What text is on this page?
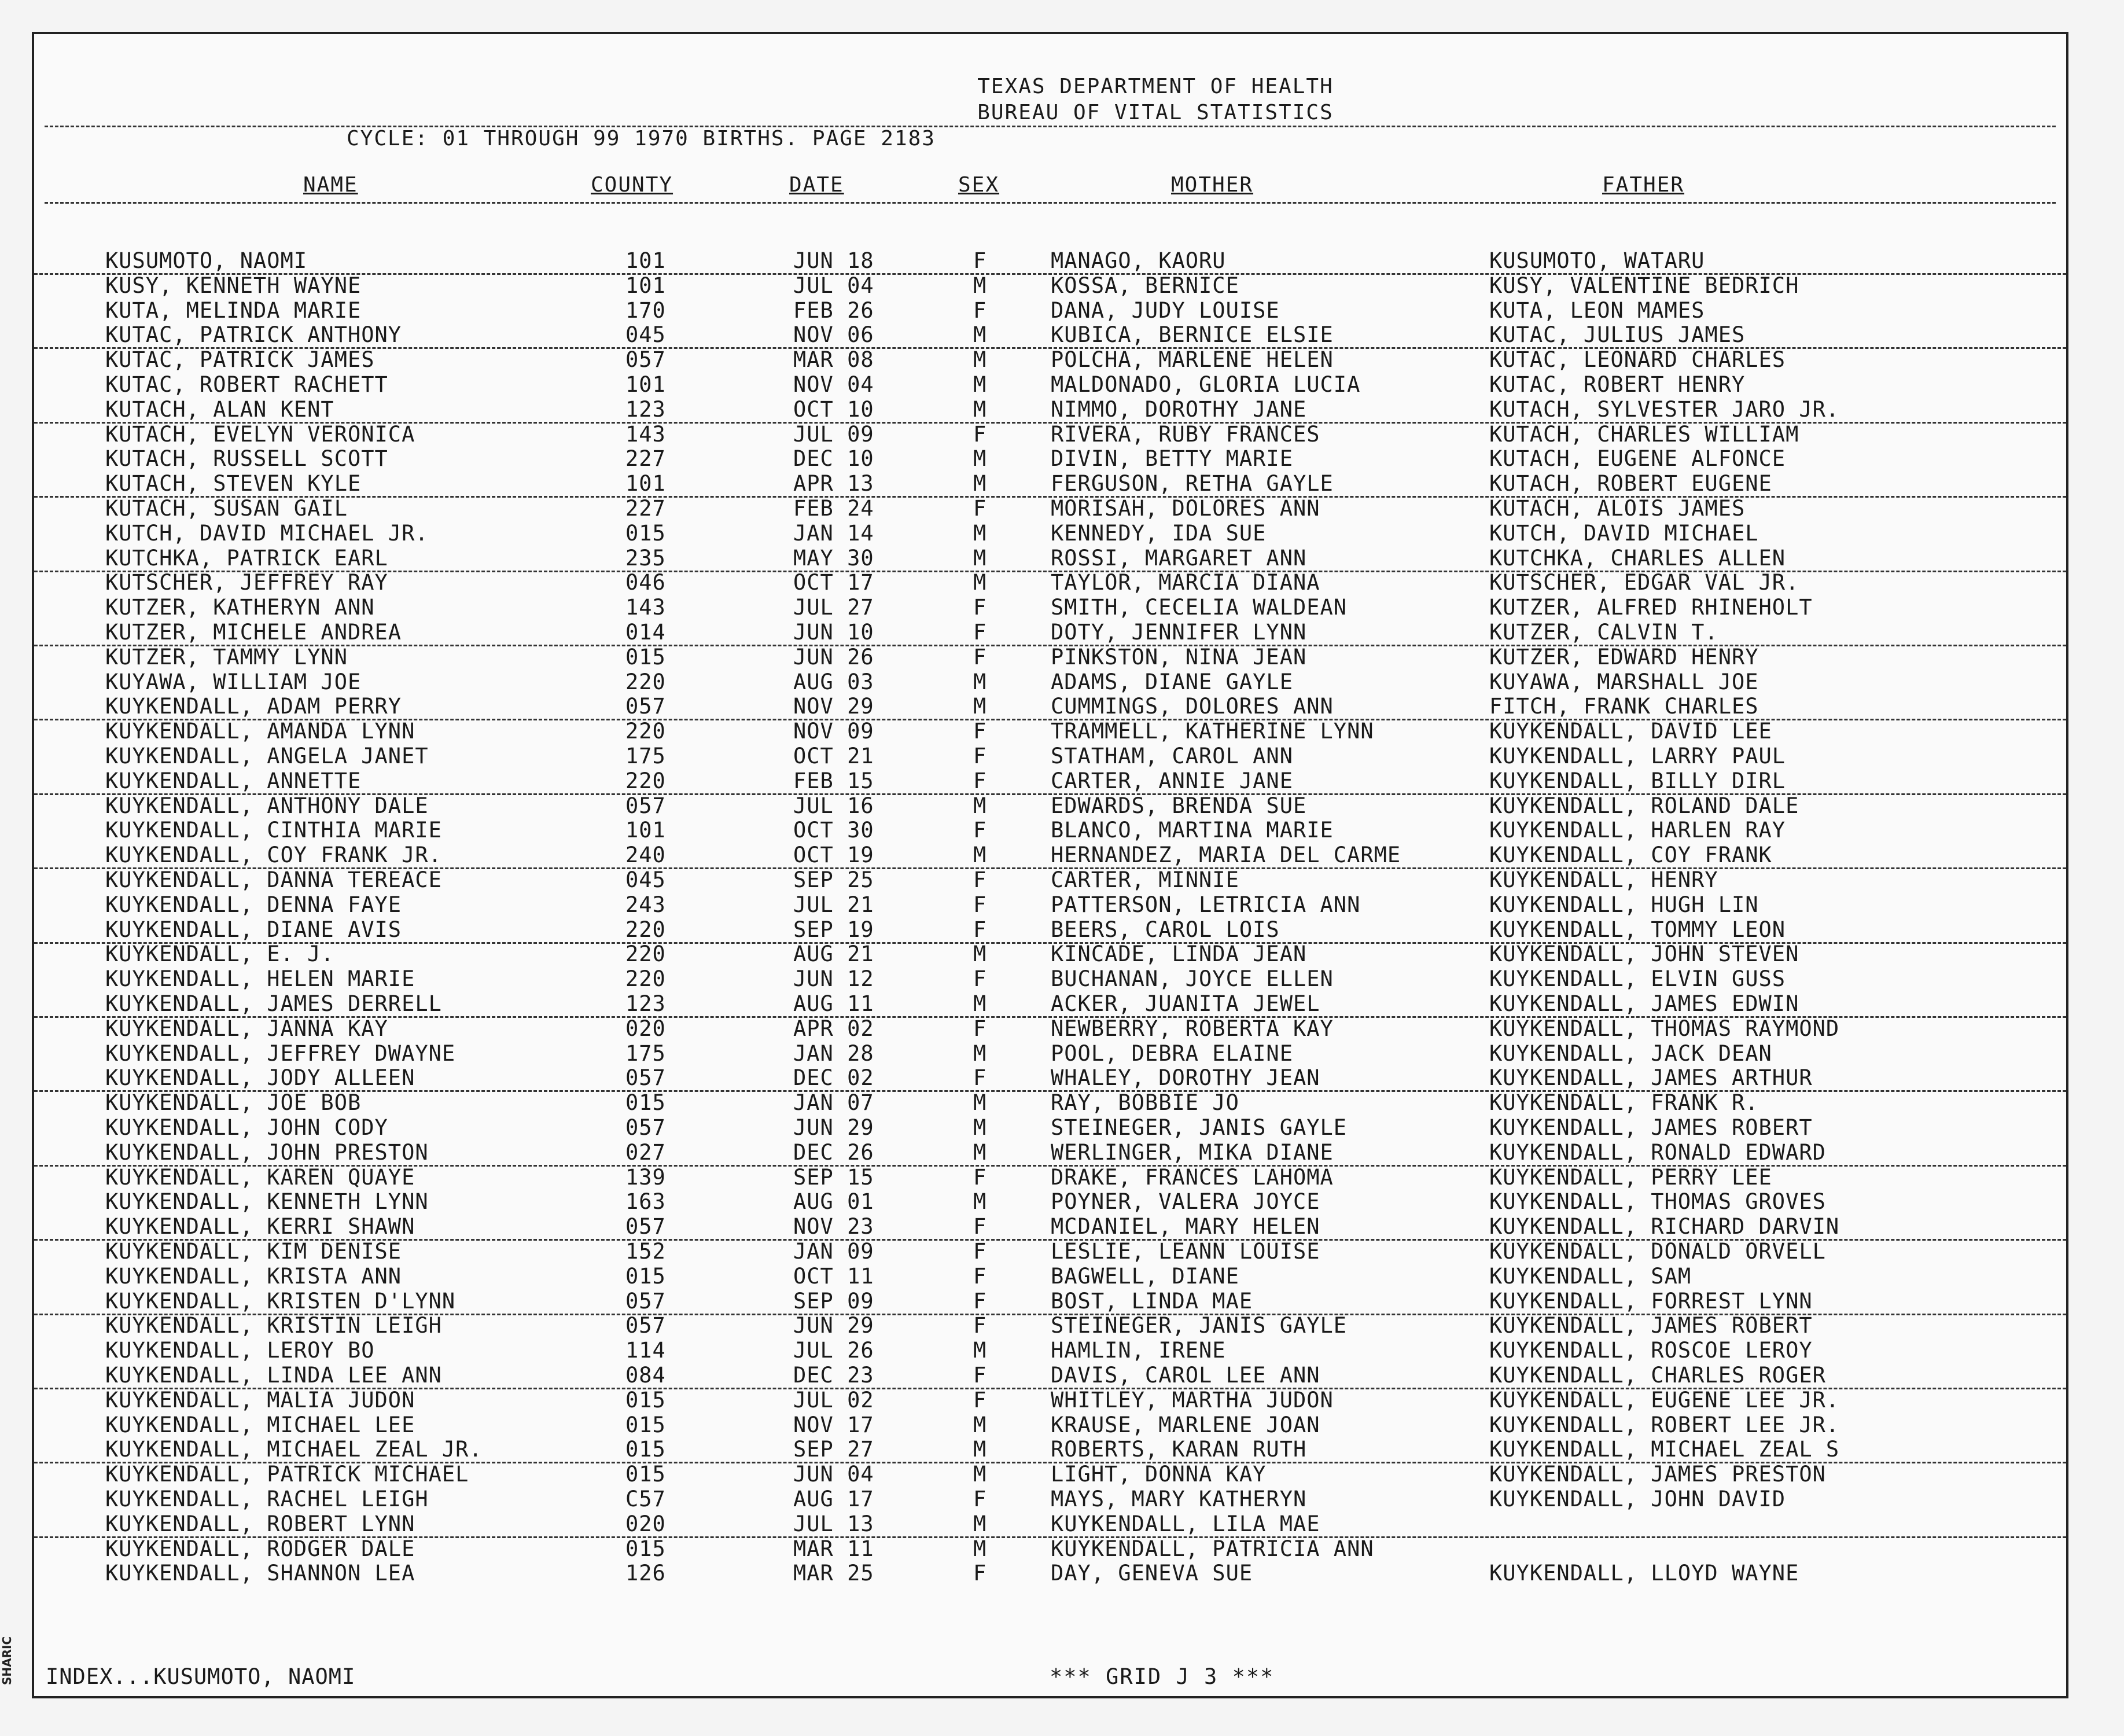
TEXAS DEPARTMENT OF HEALTH
BUREAU OF VITAL STATISTICS
CYCLE: 01 THROUGH 99 1970 BIRTHS. PAGE 2183
NAME	COUNTY	DATE	SEX	MOTHER	FATHER
KUSUMOTO, NAOMI	101	JUN 18	F	MANAGO, KAORU	KUSUMOTO, WATARU
KUSY, KENNETH WAYNE	101	JUL 04	M	KOSSA, BERNICE	KUSY, VALENTINE BEDRICH
KUTA, MELINDA MARIE	170	FEB 26	F	DANA, JUDY LOUISE	KUTA, LEON MAMES
KUTAC, PATRICK ANTHONY	045	NOV 06	M	KUBICA, BERNICE ELSIE	KUTAC, JULIUS JAMES
KUTAC, PATRICK JAMES	057	MAR 08	M	POLCHA, MARLENE HELEN	KUTAC, LEONARD CHARLES
KUTAC, ROBERT RACHETT	101	NOV 04	M	MALDONADO, GLORIA LUCIA	KUTAC, ROBERT HENRY
KUTACH, ALAN KENT	123	OCT 10	M	NIMMO, DOROTHY JANE	KUTACH, SYLVESTER JARO JR.
KUTACH, EVELYN VERONICA	143	JUL 09	F	RIVERA, RUBY FRANCES	KUTACH, CHARLES WILLIAM
KUTACH, RUSSELL SCOTT	227	DEC 10	M	DIVIN, BETTY MARIE	KUTACH, EUGENE ALFONCE
KUTACH, STEVEN KYLE	101	APR 13	M	FERGUSON, RETHA GAYLE	KUTACH, ROBERT EUGENE
KUTACH, SUSAN GAIL	227	FEB 24	F	MORISAH, DOLORES ANN	KUTACH, ALOIS JAMES
KUTCH, DAVID MICHAEL JR.	015	JAN 14	M	KENNEDY, IDA SUE	KUTCH, DAVID MICHAEL
KUTCHKA, PATRICK EARL	235	MAY 30	M	ROSSI, MARGARET ANN	KUTCHKA, CHARLES ALLEN
KUTSCHER, JEFFREY RAY	046	OCT 17	M	TAYLOR, MARCIA DIANA	KUTSCHER, EDGAR VAL JR.
KUTZER, KATHERYN ANN	143	JUL 27	F	SMITH, CECELIA WALDEAN	KUTZER, ALFRED RHINEHOLT
KUTZER, MICHELE ANDREA	014	JUN 10	F	DOTY, JENNIFER LYNN	KUTZER, CALVIN T.
KUTZER, TAMMY LYNN	015	JUN 26	F	PINKSTON, NINA JEAN	KUTZER, EDWARD HENRY
KUYAWA, WILLIAM JOE	220	AUG 03	M	ADAMS, DIANE GAYLE	KUYAWA, MARSHALL JOE
KUYKENDALL, ADAM PERRY	057	NOV 29	M	CUMMINGS, DOLORES ANN	FITCH, FRANK CHARLES
KUYKENDALL, AMANDA LYNN	220	NOV 09	F	TRAMMELL, KATHERINE LYNN	KUYKENDALL, DAVID LEE
KUYKENDALL, ANGELA JANET	175	OCT 21	F	STATHAM, CAROL ANN	KUYKENDALL, LARRY PAUL
KUYKENDALL, ANNETTE	220	FEB 15	F	CARTER, ANNIE JANE	KUYKENDALL, BILLY DIRL
KUYKENDALL, ANTHONY DALE	057	JUL 16	M	EDWARDS, BRENDA SUE	KUYKENDALL, ROLAND DALE
KUYKENDALL, CINTHIA MARIE	101	OCT 30	F	BLANCO, MARTINA MARIE	KUYKENDALL, HARLEN RAY
KUYKENDALL, COY FRANK JR.	240	OCT 19	M	HERNANDEZ, MARIA DEL CARME	KUYKENDALL, COY FRANK
KUYKENDALL, DANNA TEREACE	045	SEP 25	F	CARTER, MINNIE	KUYKENDALL, HENRY
KUYKENDALL, DENNA FAYE	243	JUL 21	F	PATTERSON, LETRICIA ANN	KUYKENDALL, HUGH LIN
KUYKENDALL, DIANE AVIS	220	SEP 19	F	BEERS, CAROL LOIS	KUYKENDALL, TOMMY LEON
KUYKENDALL, E. J.	220	AUG 21	M	KINCADE, LINDA JEAN	KUYKENDALL, JOHN STEVEN
KUYKENDALL, HELEN MARIE	220	JUN 12	F	BUCHANAN, JOYCE ELLEN	KUYKENDALL, ELVIN GUSS
KUYKENDALL, JAMES DERRELL	123	AUG 11	M	ACKER, JUANITA JEWEL	KUYKENDALL, JAMES EDWIN
KUYKENDALL, JANNA KAY	020	APR 02	F	NEWBERRY, ROBERTA KAY	KUYKENDALL, THOMAS RAYMOND
KUYKENDALL, JEFFREY DWAYNE	175	JAN 28	M	POOL, DEBRA ELAINE	KUYKENDALL, JACK DEAN
KUYKENDALL, JODY ALLEEN	057	DEC 02	F	WHALEY, DOROTHY JEAN	KUYKENDALL, JAMES ARTHUR
KUYKENDALL, JOE BOB	015	JAN 07	M	RAY, BOBBIE JO	KUYKENDALL, FRANK R.
KUYKENDALL, JOHN CODY	057	JUN 29	M	STEINEGER, JANIS GAYLE	KUYKENDALL, JAMES ROBERT
KUYKENDALL, JOHN PRESTON	027	DEC 26	M	WERLINGER, MIKA DIANE	KUYKENDALL, RONALD EDWARD
KUYKENDALL, KAREN QUAYE	139	SEP 15	F	DRAKE, FRANCES LAHOMA	KUYKENDALL, PERRY LEE
KUYKENDALL, KENNETH LYNN	163	AUG 01	M	POYNER, VALERA JOYCE	KUYKENDALL, THOMAS GROVES
KUYKENDALL, KERRI SHAWN	057	NOV 23	F	MCDANIEL, MARY HELEN	KUYKENDALL, RICHARD DARVIN
KUYKENDALL, KIM DENISE	152	JAN 09	F	LESLIE, LEANN LOUISE	KUYKENDALL, DONALD ORVELL
KUYKENDALL, KRISTA ANN	015	OCT 11	F	BAGWELL, DIANE	KUYKENDALL, SAM
KUYKENDALL, KRISTEN D'LYNN	057	SEP 09	F	BOST, LINDA MAE	KUYKENDALL, FORREST LYNN
KUYKENDALL, KRISTIN LEIGH	057	JUN 29	F	STEINEGER, JANIS GAYLE	KUYKENDALL, JAMES ROBERT
KUYKENDALL, LEROY BO	114	JUL 26	M	HAMLIN, IRENE	KUYKENDALL, ROSCOE LEROY
KUYKENDALL, LINDA LEE ANN	084	DEC 23	F	DAVIS, CAROL LEE ANN	KUYKENDALL, CHARLES ROGER
KUYKENDALL, MALIA JUDON	015	JUL 02	F	WHITLEY, MARTHA JUDON	KUYKENDALL, EUGENE LEE JR.
KUYKENDALL, MICHAEL LEE	015	NOV 17	M	KRAUSE, MARLENE JOAN	KUYKENDALL, ROBERT LEE JR.
KUYKENDALL, MICHAEL ZEAL JR.	015	SEP 27	M	ROBERTS, KARAN RUTH	KUYKENDALL, MICHAEL ZEAL S
KUYKENDALL, PATRICK MICHAEL	015	JUN 04	M	LIGHT, DONNA KAY	KUYKENDALL, JAMES PRESTON
KUYKENDALL, RACHEL LEIGH	C57	AUG 17	F	MAYS, MARY KATHERYN	KUYKENDALL, JOHN DAVID
KUYKENDALL, ROBERT LYNN	020	JUL 13	M	KUYKENDALL, LILA MAE
KUYKENDALL, RODGER DALE	015	MAR 11	M	KUYKENDALL, PATRICIA ANN
KUYKENDALL, SHANNON LEA	126	MAR 25	F	DAY, GENEVA SUE	KUYKENDALL, LLOYD WAYNE
INDEX...KUSUMOTO, NAOMI	*** GRID J 3 ***
SHARIC
